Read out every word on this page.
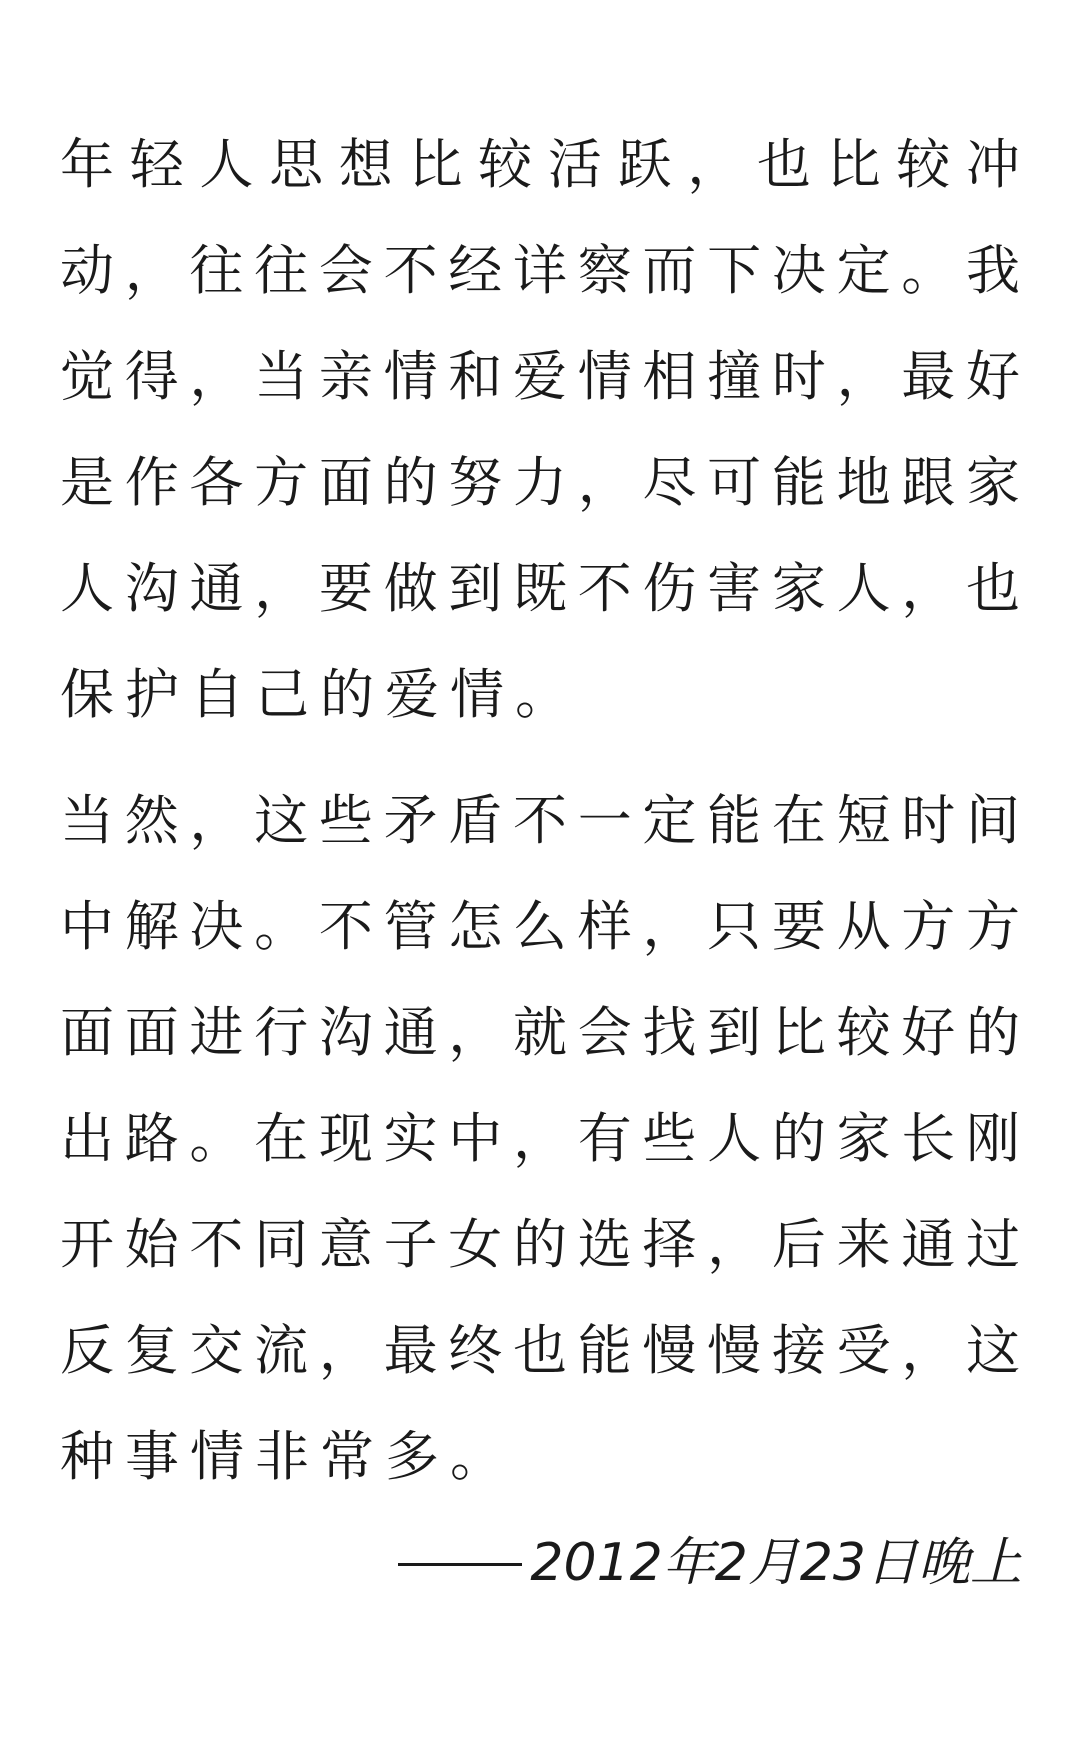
年轻人思想比较活跃，也比较冲
动，往往会不经详察而下决定。我
觉得，当亲情和爱情相撞时，最好
是作各方面的努力，尽可能地跟家
人沟通，要做到既不伤害家人，也
保护自己的爱情。
当然，这些矛盾不一定能在短时间
中解决。不管怎么样，只要从方方
面面进行沟通，就会找到比较好的
出路。在现实中，有些人的家长刚
开始不同意子女的选择，后来通过
反复交流，最终也能慢慢接受，这
种事情非常多。
2012年2月23日晚上
